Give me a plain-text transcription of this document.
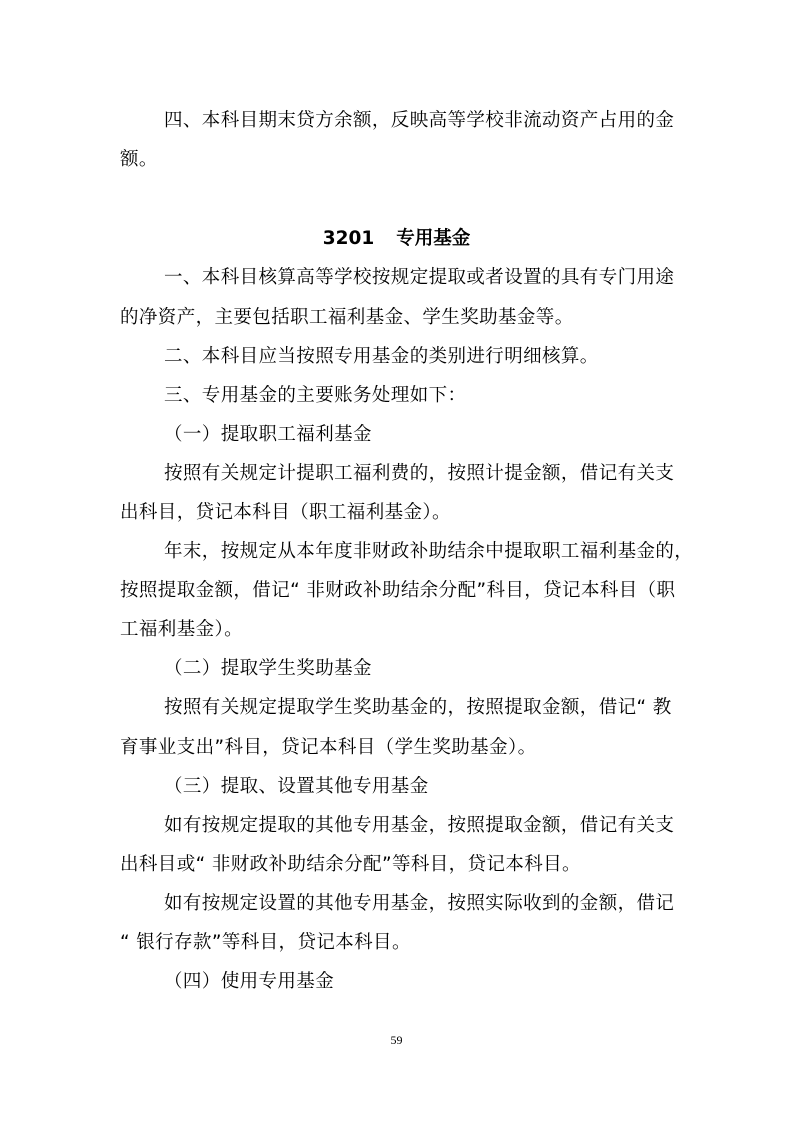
四、本科目期末贷方余额，反映高等学校非流动资产占用的金
额。
3201 专用基金
一、本科目核算高等学校按规定提取或者设置的具有专门用途
的净资产，主要包括职工福利基金、学生奖助基金等。
二、本科目应当按照专用基金的类别进行明细核算。
三、专用基金的主要账务处理如下：
（一）提取职工福利基金
按照有关规定计提职工福利费的，按照计提金额，借记有关支
出科目，贷记本科目（职工福利基金）。
年末，按规定从本年度非财政补助结余中提取职工福利基金的，
按照提取金额，借记“ 非财政补助结余分配”科目，贷记本科目（职
工福利基金）。
（二）提取学生奖助基金
按照有关规定提取学生奖助基金的，按照提取金额，借记“ 教
育事业支出”科目，贷记本科目（学生奖助基金）。
（三）提取、设置其他专用基金
如有按规定提取的其他专用基金，按照提取金额，借记有关支
出科目或“ 非财政补助结余分配”等科目，贷记本科目。
如有按规定设置的其他专用基金，按照实际收到的金额，借记
“ 银行存款”等科目，贷记本科目。
（四）使用专用基金
59
